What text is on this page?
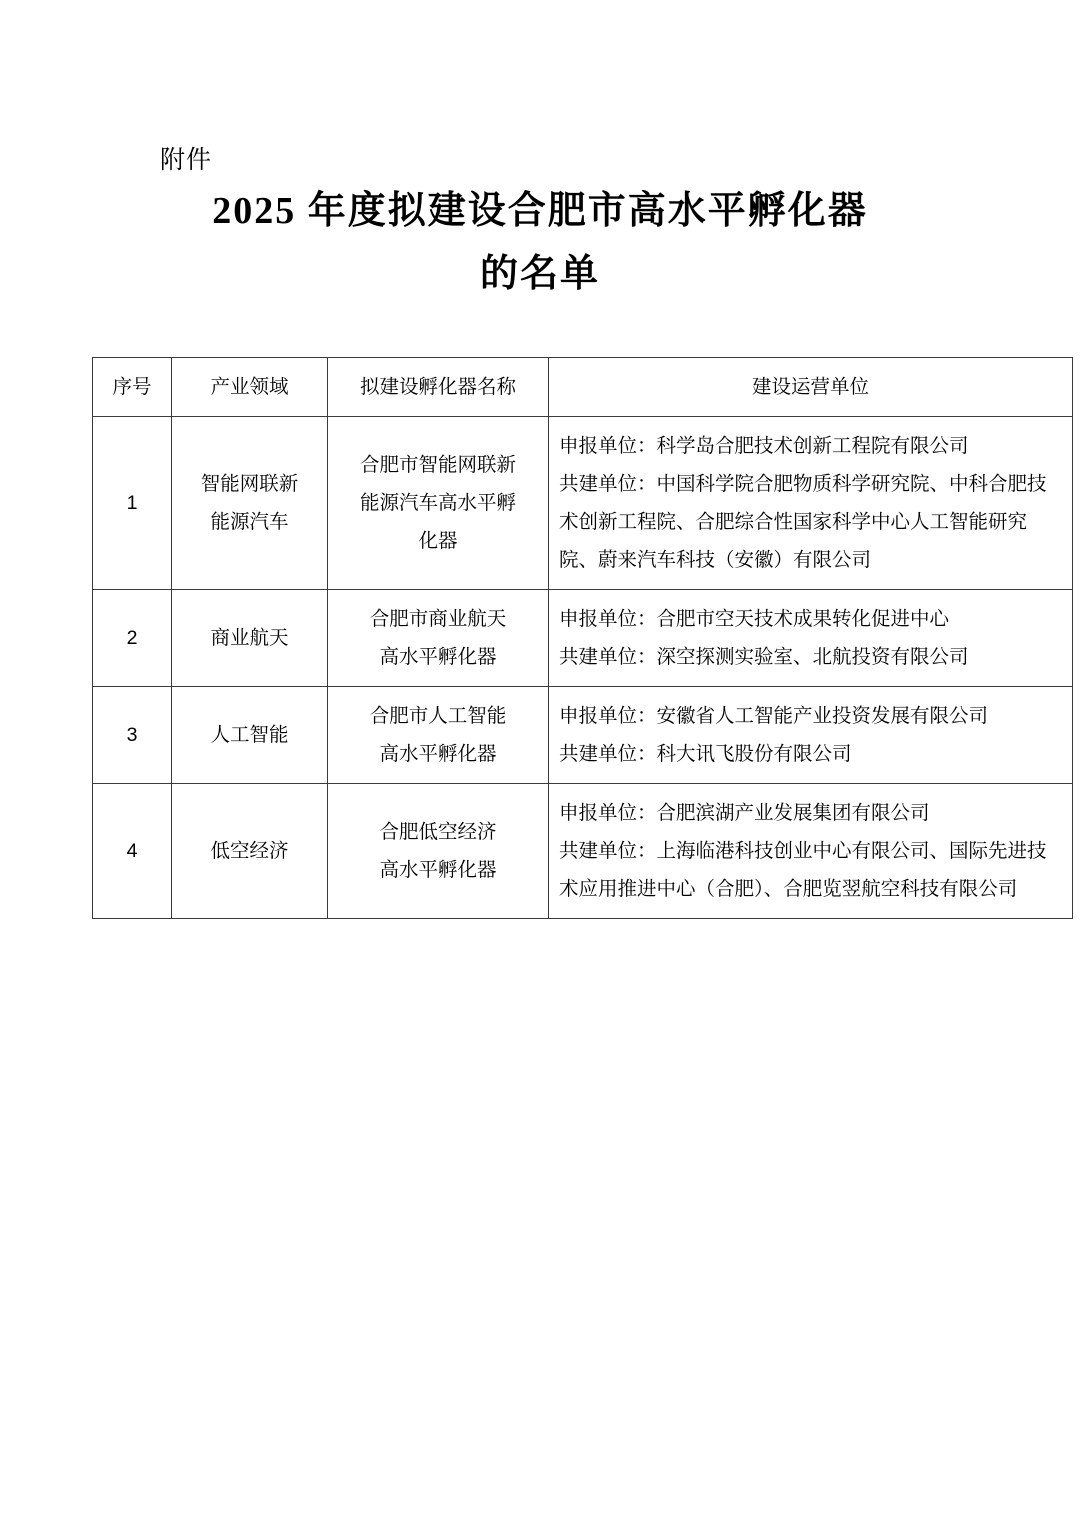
附件
2025 年度拟建设合肥市高水平孵化器
的名单
序号	产业领域	拟建设孵化器名称	建设运营单位
1	智能网联新
能源汽车	合肥市智能网联新
能源汽车高水平孵
化器	申报单位：科学岛合肥技术创新工程院有限公司
共建单位：中国科学院合肥物质科学研究院、中科合肥技术创新工程院、合肥综合性国家科学中心人工智能研究院、蔚来汽车科技（安徽）有限公司

2	商业航天	合肥市商业航天
高水平孵化器	申报单位：合肥市空天技术成果转化促进中心
共建单位：深空探测实验室、北航投资有限公司

3	人工智能	合肥市人工智能
高水平孵化器	申报单位：安徽省人工智能产业投资发展有限公司
共建单位：科大讯飞股份有限公司

4	低空经济	合肥低空经济
高水平孵化器	申报单位：合肥滨湖产业发展集团有限公司
共建单位：上海临港科技创业中心有限公司、国际先进技术应用推进中心（合肥）、合肥览翌航空科技有限公司
